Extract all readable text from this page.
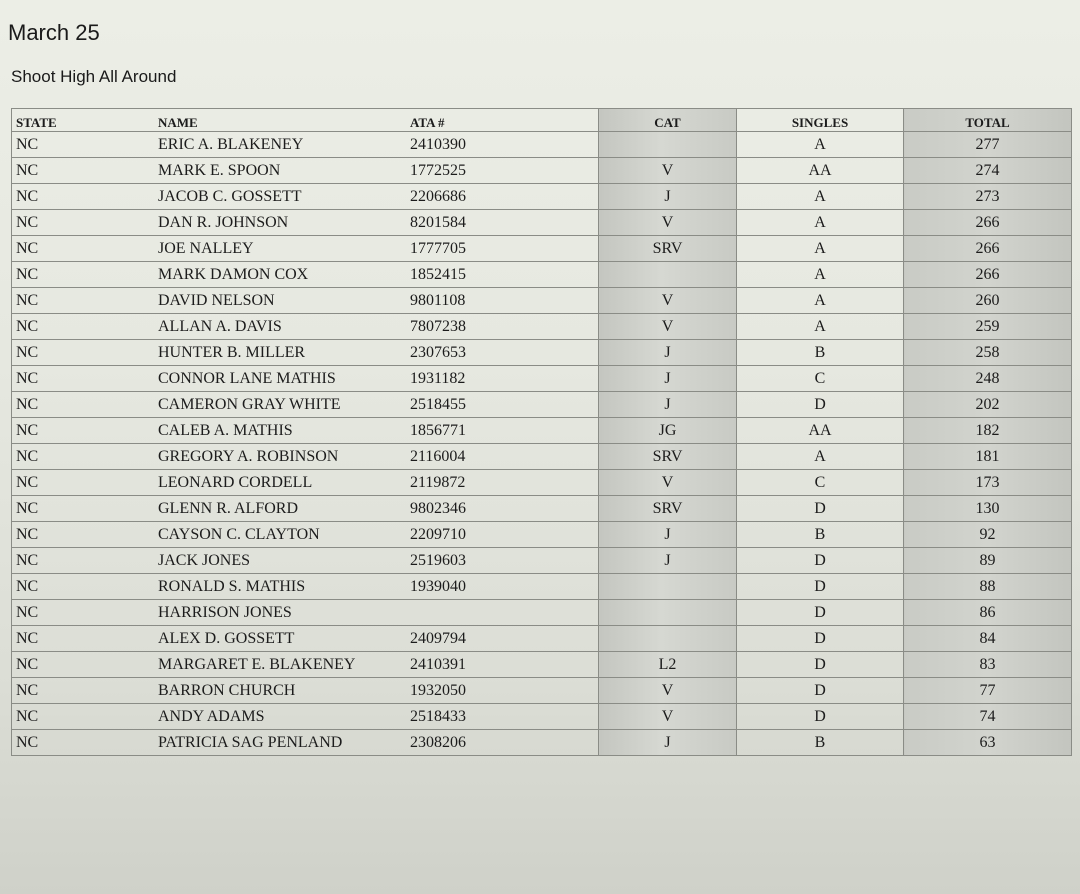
March 25
Shoot High All Around
STATE	NAME	ATA #	CAT	SINGLES	TOTAL
NC	ERIC A. BLAKENEY	2410390		A	277
NC	MARK E. SPOON	1772525	V	AA	274
NC	JACOB C. GOSSETT	2206686	J	A	273
NC	DAN R. JOHNSON	8201584	V	A	266
NC	JOE NALLEY	1777705	SRV	A	266
NC	MARK DAMON COX	1852415		A	266
NC	DAVID NELSON	9801108	V	A	260
NC	ALLAN A. DAVIS	7807238	V	A	259
NC	HUNTER B. MILLER	2307653	J	B	258
NC	CONNOR LANE MATHIS	1931182	J	C	248
NC	CAMERON GRAY WHITE	2518455	J	D	202
NC	CALEB A. MATHIS	1856771	JG	AA	182
NC	GREGORY A. ROBINSON	2116004	SRV	A	181
NC	LEONARD CORDELL	2119872	V	C	173
NC	GLENN R. ALFORD	9802346	SRV	D	130
NC	CAYSON C. CLAYTON	2209710	J	B	92
NC	JACK JONES	2519603	J	D	89
NC	RONALD S. MATHIS	1939040		D	88
NC	HARRISON JONES			D	86
NC	ALEX D. GOSSETT	2409794		D	84
NC	MARGARET E. BLAKENEY	2410391	L2	D	83
NC	BARRON CHURCH	1932050	V	D	77
NC	ANDY ADAMS	2518433	V	D	74
NC	PATRICIA SAG PENLAND	2308206	J	B	63
